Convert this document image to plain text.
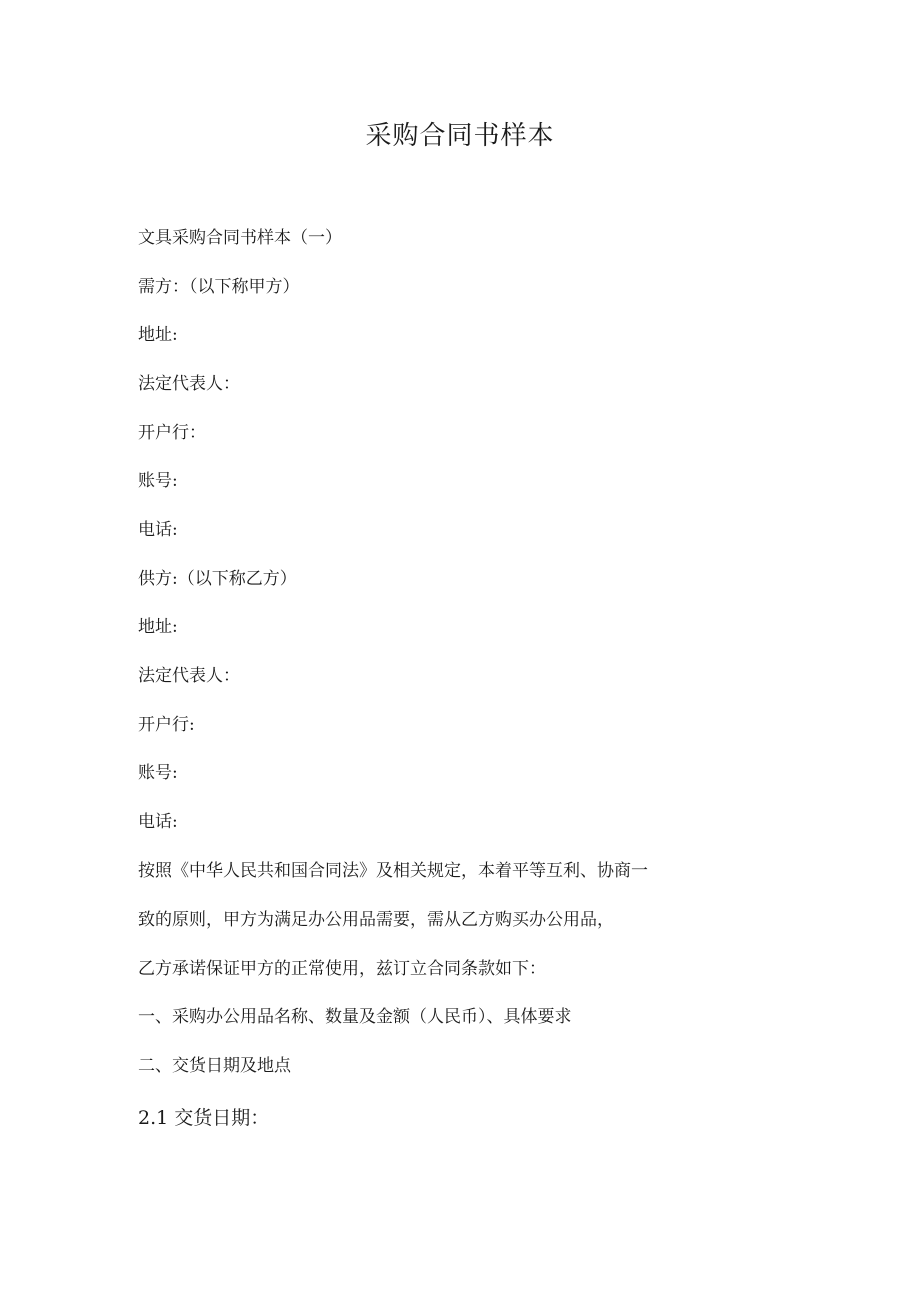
采购合同书样本

文具采购合同书样本（一）

需方：（以下称甲方）

地址:

法定代表人：

开户行：

账号:

电话:

供方:（以下称乙方）

地址:

法定代表人：

开户行:

账号:

电话:

按照《中华人民共和国合同法》及相关规定，本着平等互利、协商一

致的原则，甲方为满足办公用品需要，需从乙方购买办公用品，

乙方承诺保证甲方的正常使用，兹订立合同条款如下：

一、采购办公用品名称、数量及金额（人民币）、具体要求

二、交货日期及地点

2.1 交货日期：
